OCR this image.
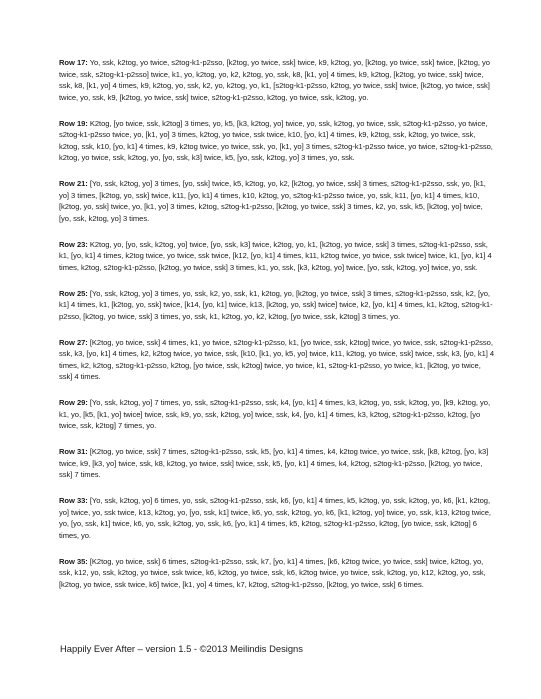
Row 17: Yo, ssk, k2tog, yo twice, s2tog-k1-p2sso, [k2tog, yo twice, ssk] twice, k9, k2tog, yo, [k2tog, yo twice, ssk] twice, [k2tog, yo twice, ssk, s2tog-k1-p2sso] twice, k1, yo, k2tog, yo, k2, k2tog, yo, ssk, k8, [k1, yo] 4 times, k9, k2tog, [k2tog, yo twice, ssk] twice, ssk, k8, [k1, yo] 4 times, k9, k2tog, yo, ssk, k2, yo, k2tog, yo, k1, [s2tog-k1-p2sso, k2tog, yo twice, ssk] twice, [k2tog, yo twice, ssk] twice, yo, ssk, k9, [k2tog, yo twice, ssk] twice, s2tog-k1-p2sso, k2tog, yo twice, ssk, k2tog, yo.

Row 19: K2tog, [yo twice, ssk, k2tog] 3 times, yo, k5, [k3, k2tog, yo] twice, yo, ssk, k2tog, yo twice, ssk, s2tog-k1-p2sso, yo twice, s2tog-k1-p2sso twice, yo, [k1, yo] 3 times, k2tog, yo twice, ssk twice, k10, [yo, k1] 4 times, k9, k2tog, ssk, k2tog, yo twice, ssk, k2tog, ssk, k10, [yo, k1] 4 times, k9, k2tog twice, yo twice, ssk, yo, [k1, yo] 3 times, s2tog-k1-p2sso twice, yo twice, s2tog-k1-p2sso, k2tog, yo twice, ssk, k2tog, yo, [yo, ssk, k3] twice, k5, [yo, ssk, k2tog, yo] 3 times, yo, ssk.

Row 21: [Yo, ssk, k2tog, yo] 3 times, [yo, ssk] twice, k5, k2tog, yo, k2, [k2tog, yo twice, ssk] 3 times, s2tog-k1-p2sso, ssk, yo, [k1, yo] 3 times, [k2tog, yo, ssk] twice, k11, [yo, k1] 4 times, k10, k2tog, yo, s2tog-k1-p2sso twice, yo, ssk, k11, [yo, k1] 4 times, k10, [k2tog, yo, ssk] twice, yo, [k1, yo] 3 times, k2tog, s2tog-k1-p2sso, [k2tog, yo twice, ssk] 3 times, k2, yo, ssk, k5, [k2tog, yo] twice, [yo, ssk, k2tog, yo] 3 times.

Row 23: K2tog, yo, [yo, ssk, k2tog, yo] twice, [yo, ssk, k3] twice, k2tog, yo, k1, [k2tog, yo twice, ssk] 3 times, s2tog-k1-p2sso, ssk, k1, [yo, k1] 4 times, k2tog twice, yo twice, ssk twice, [k12, [yo, k1] 4 times, k11, k2tog twice, yo twice, ssk twice] twice, k1, [yo, k1] 4 times, k2tog, s2tog-k1-p2sso, [k2tog, yo twice, ssk] 3 times, k1, yo, ssk, [k3, k2tog, yo] twice, [yo, ssk, k2tog, yo] twice, yo, ssk.

Row 25: [Yo, ssk, k2tog, yo] 3 times, yo, ssk, k2, yo, ssk, k1, k2tog, yo, [k2tog, yo twice, ssk] 3 times, s2tog-k1-p2sso, ssk, k2, [yo, k1] 4 times, k1, [k2tog, yo, ssk] twice, [k14, [yo, k1] twice, k13, [k2tog, yo, ssk] twice] twice, k2, [yo, k1] 4 times, k1, k2tog, s2tog-k1-p2sso, [k2tog, yo twice, ssk] 3 times, yo, ssk, k1, k2tog, yo, k2, k2tog, [yo twice, ssk, k2tog] 3 times, yo.

Row 27: [K2tog, yo twice, ssk] 4 times, k1, yo twice, s2tog-k1-p2sso, k1, [yo twice, ssk, k2tog] twice, yo twice, ssk, s2tog-k1-p2sso, ssk, k3, [yo, k1] 4 times, k2, k2tog twice, yo twice, ssk, [k10, [k1, yo, k5, yo] twice, k11, k2tog, yo twice, ssk] twice, ssk, k3, [yo, k1] 4 times, k2, k2tog, s2tog-k1-p2sso, k2tog, [yo twice, ssk, k2tog] twice, yo twice, k1, s2tog-k1-p2sso, yo twice, k1, [k2tog, yo twice, ssk] 4 times.

Row 29: [Yo, ssk, k2tog, yo] 7 times, yo, ssk, s2tog-k1-p2sso, ssk, k4, [yo, k1] 4 times, k3, k2tog, yo, ssk, k2tog, yo, [k9, k2tog, yo, k1, yo, [k5, [k1, yo] twice] twice, ssk, k9, yo, ssk, k2tog, yo] twice, ssk, k4, [yo, k1] 4 times, k3, k2tog, s2tog-k1-p2sso, k2tog, [yo twice, ssk, k2tog] 7 times, yo.

Row 31: [K2tog, yo twice, ssk] 7 times, s2tog-k1-p2sso, ssk, k5, [yo, k1] 4 times, k4, k2tog twice, yo twice, ssk, [k8, k2tog, [yo, k3] twice, k9, [k3, yo] twice, ssk, k8, k2tog, yo twice, ssk] twice, ssk, k5, [yo, k1] 4 times, k4, k2tog, s2tog-k1-p2sso, [k2tog, yo twice, ssk] 7 times.

Row 33: [Yo, ssk, k2tog, yo] 6 times, yo, ssk, s2tog-k1-p2sso, ssk, k6, [yo, k1] 4 times, k5, k2tog, yo, ssk, k2tog, yo, k6, [k1, k2tog, yo] twice, yo, ssk twice, k13, k2tog, yo, [yo, ssk, k1] twice, k6, yo, ssk, k2tog, yo, k6, [k1, k2tog, yo] twice, yo, ssk, k13, k2tog twice, yo, [yo, ssk, k1] twice, k6, yo, ssk, k2tog, yo, ssk, k6, [yo, k1] 4 times, k5, k2tog, s2tog-k1-p2sso, k2tog, [yo twice, ssk, k2tog] 6 times, yo.

Row 35: [K2tog, yo twice, ssk] 6 times, s2tog-k1-p2sso, ssk, k7, [yo, k1] 4 times, [k6, k2tog twice, yo twice, ssk] twice, k2tog, yo, ssk, k12, yo, ssk, k2tog, yo twice, ssk twice, k6, k2tog, yo twice, ssk, k6, k2tog twice, yo twice, ssk, k2tog, yo, k12, k2tog, yo, ssk, [k2tog, yo twice, ssk twice, k6] twice, [k1, yo] 4 times, k7, k2tog, s2tog-k1-p2sso, [k2tog, yo twice, ssk] 6 times.

Happily Ever After – version 1.5 - ©2013 Meilindis Designs
